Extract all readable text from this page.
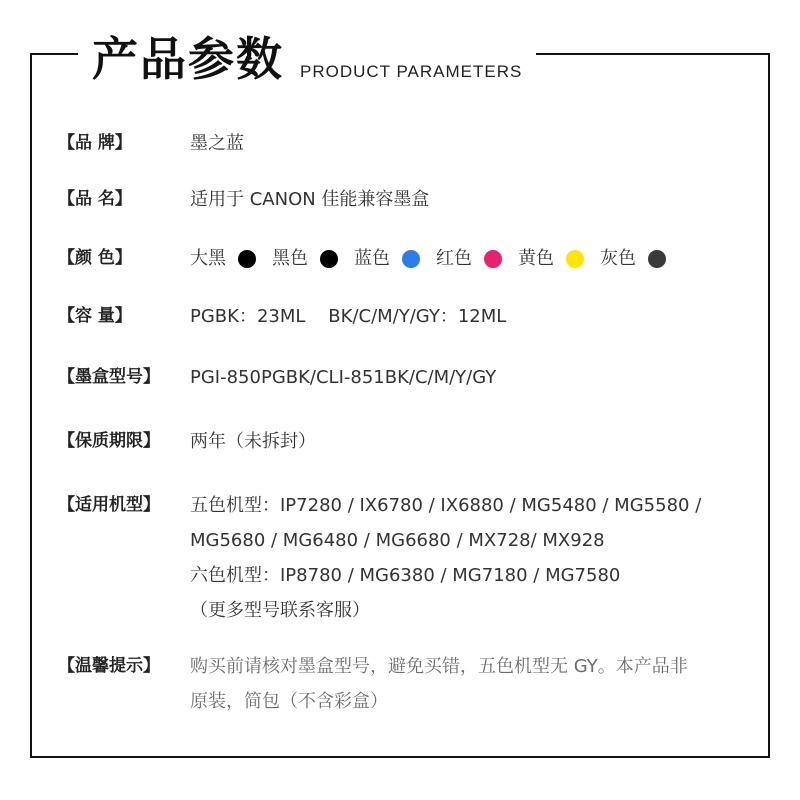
产品参数 PRODUCT PARAMETERS
【品 牌】	墨之蓝
【品 名】	适用于 CANON 佳能兼容墨盒
【颜 色】	大黑	黑色	蓝色	红色	黄色	灰色
【容 量】	PGBK：23ML    BK/C/M/Y/GY：12ML
【墨盒型号】 PGI-850PGBK/CLI-851BK/C/M/Y/GY
【保质期限】 两年（未拆封）
【适用机型】 五色机型：IP7280 / IX6780 / IX6880 / MG5480 / MG5580 /
MG5680 / MG6480 / MG6680 / MX728/ MX928
六色机型：IP8780 / MG6380 / MG7180 / MG7580
（更多型号联系客服）
【温馨提示】 购买前请核对墨盒型号，避免买错，五色机型无 GY。本产品非
原装，简包（不含彩盒）
